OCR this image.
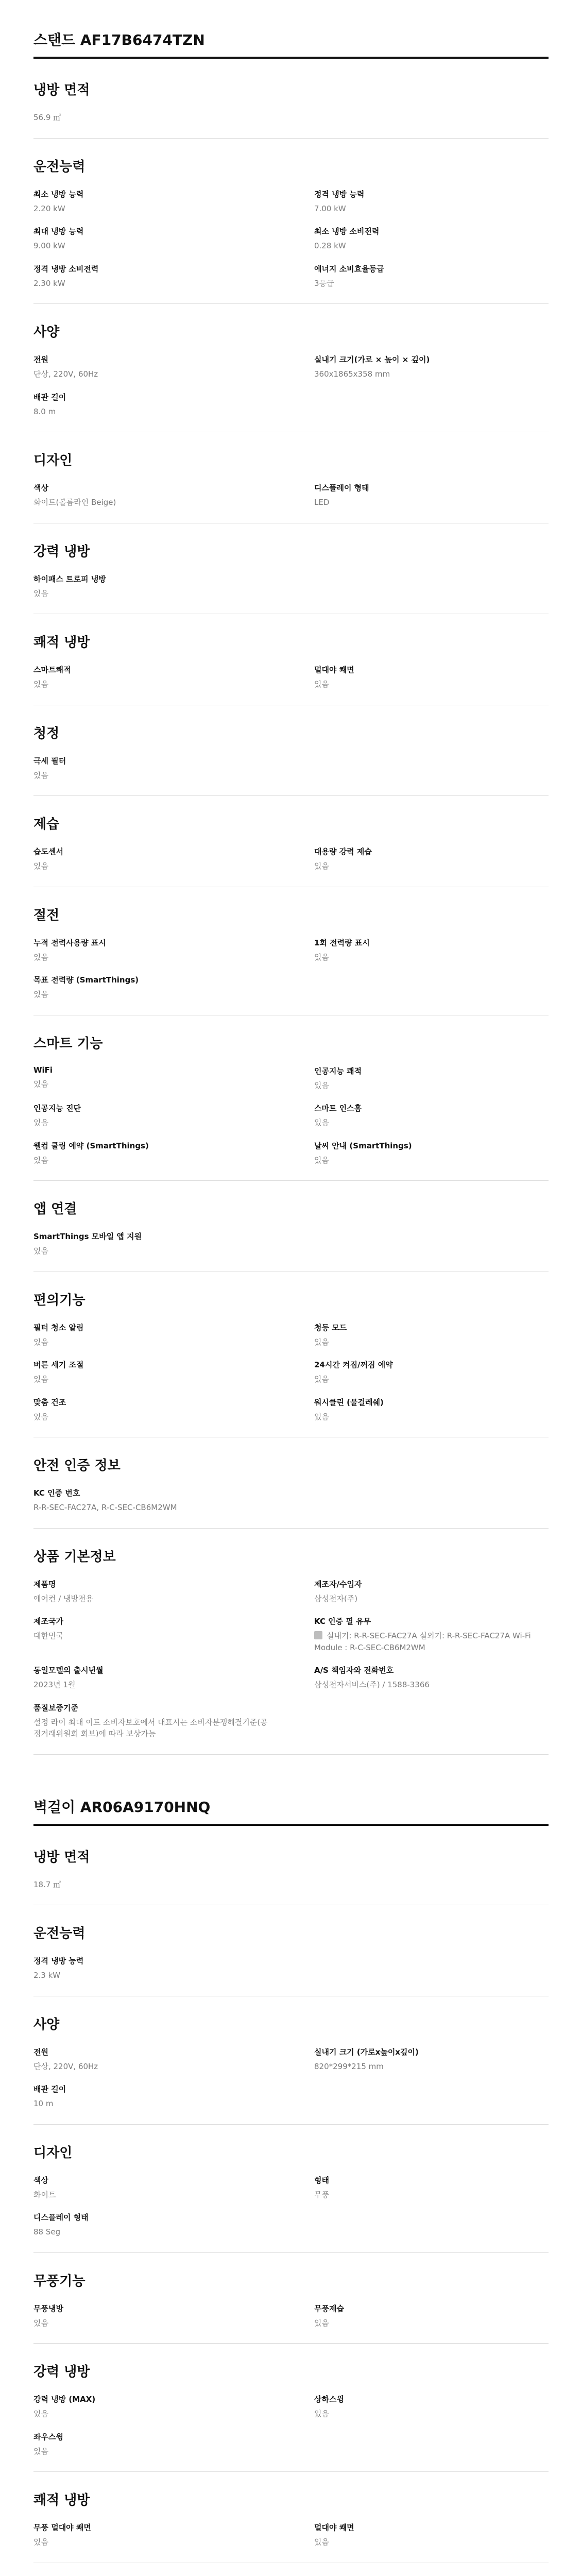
스탠드 AF17B6474TZN
냉방 면적
56.9 ㎡
운전능력
최소 냉방 능력
2.20 kW
정격 냉방 능력
7.00 kW
최대 냉방 능력
9.00 kW
최소 냉방 소비전력
0.28 kW
정격 냉방 소비전력
2.30 kW
에너지 소비효율등급
3등급
사양
전원
단상, 220V, 60Hz
실내기 크기(가로 × 높이 × 깊이)
360x1865x358 mm
배관 길이
8.0 m
디자인
색상
화이트(볼륨라인 Beige)
디스플레이 형태
LED
강력 냉방
하이패스 트로피 냉방
있음
쾌적 냉방
스마트쾌적
있음
멀대야 쾌면
있음
청정
극세 필터
있음
제습
습도센서
있음
대용량 강력 제습
있음
절전
누적 전력사용량 표시
있음
1회 전력량 표시
있음
목표 전력량 (SmartThings)
있음
스마트 기능
WiFi
있음
인공지능 쾌적
있음
인공지능 진단
있음
스마트 인스홈
있음
웰컴 쿨링 예약 (SmartThings)
있음
날씨 안내 (SmartThings)
있음
앱 연결
SmartThings 모바일 앱 지원
있음
편의기능
필터 청소 알림
있음
청등 모드
있음
버튼 세기 조절
있음
24시간 켜짐/꺼짐 예약
있음
맞춤 건조
있음
워시클린 (물걸레쉐)
있음
안전 인증 정보
KC 인증 번호
R-R-SEC-FAC27A, R-C-SEC-CB6M2WM
상품 기본정보
제품명
에어컨 / 냉방전용
제조자/수입자
삼성전자(주)
제조국가
대한민국
KC 인증 필 유무
실내기: R-R-SEC-FAC27A 실외기: R-R-SEC-FAC27A Wi-Fi Module : R-C-SEC-CB6M2WM
동일모델의 출시년월
2023년 1월
A/S 책임자와 전화번호
삼성전자서비스(주) / 1588-3366
품질보증기준
설정 라이 최대 이트 소비자보호에서 대표시는 소비자분쟁해결기준(공정거래위원회 회보)에 따라 보상가능
벽걸이 AR06A9170HNQ
냉방 면적
18.7 ㎡
운전능력
정격 냉방 능력
2.3 kW
사양
전원
단상, 220V, 60Hz
실내기 크기 (가로x높이x깊이)
820*299*215 mm
배관 길이
10 m
디자인
색상
화이트
형태
무풍
디스플레이 형태
88 Seg
무풍기능
무풍냉방
있음
무풍제습
있음
강력 냉방
강력 냉방 (MAX)
있음
상하스윙
있음
좌우스윙
있음
쾌적 냉방
무풍 멀대야 쾌면
있음
멀대야 쾌면
있음
